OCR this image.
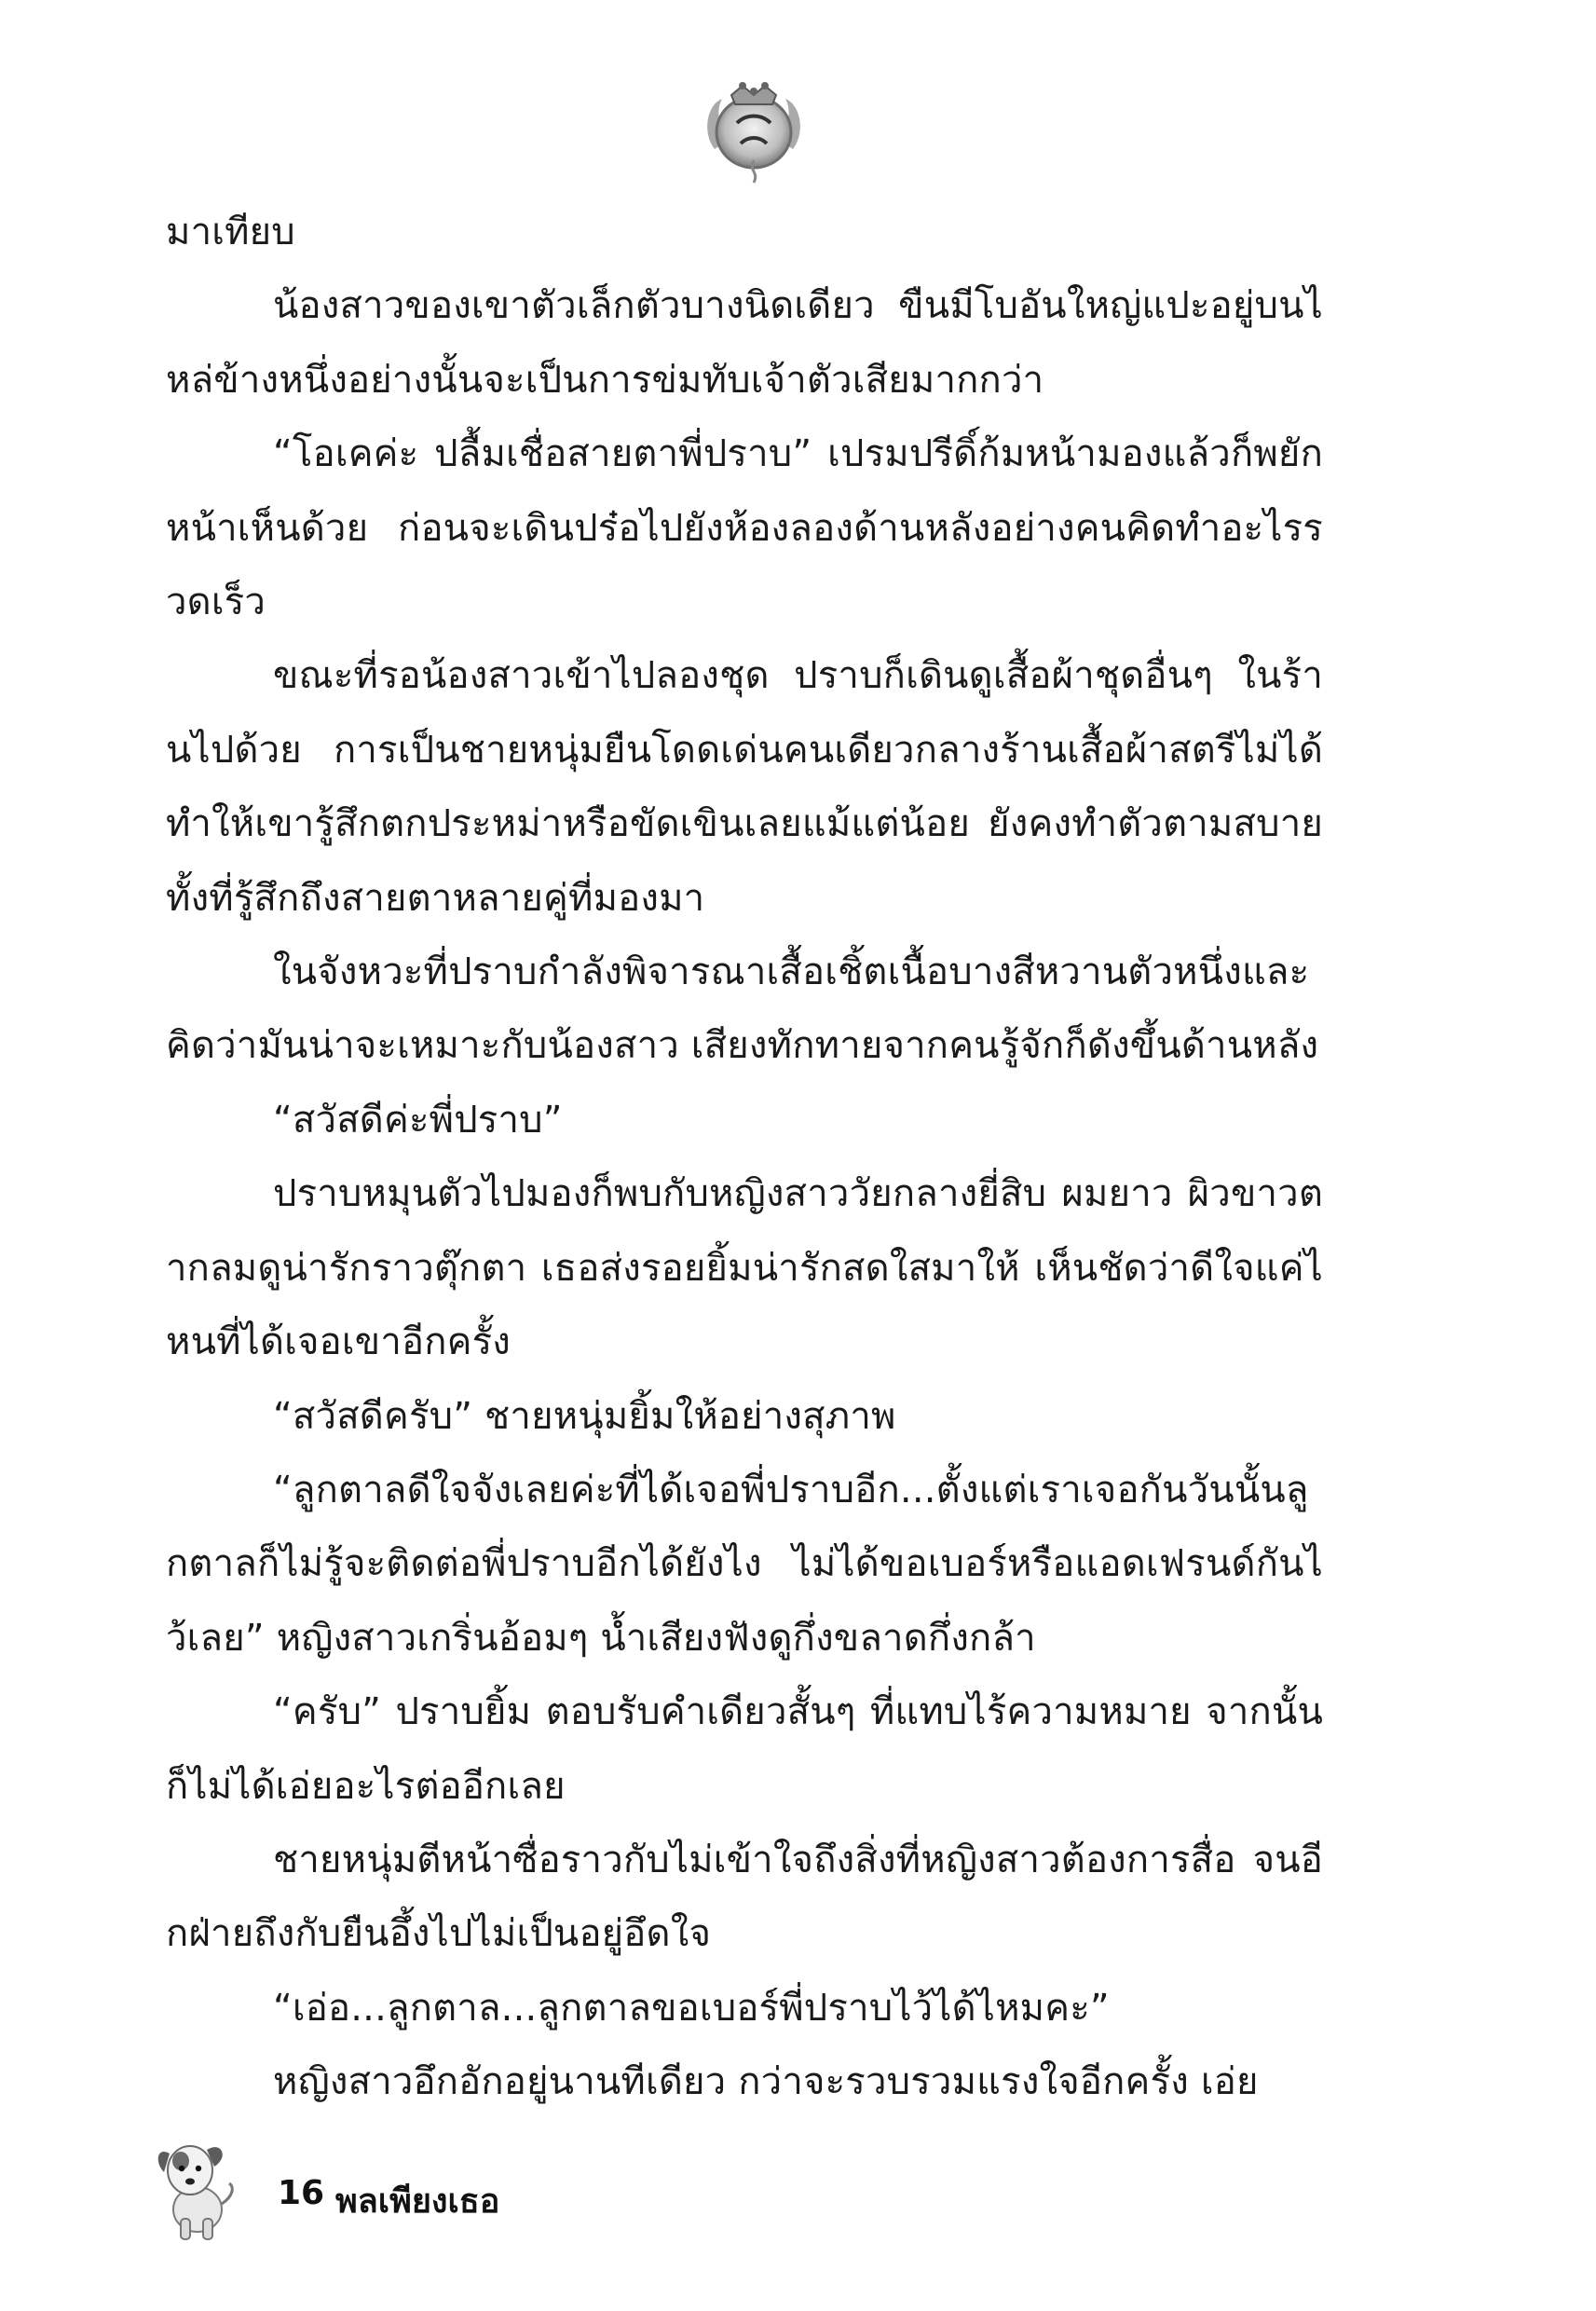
มาเทียบ

น้องสาวของเขาตัวเล็กตัวบางนิดเดียว ขืนมีโบอันใหญ่แปะอยู่บนไหล่ข้างหนึ่งอย่างนั้นจะเป็นการข่มทับเจ้าตัวเสียมากกว่า

“โอเคค่ะ ปลื้มเชื่อสายตาพี่ปราบ” เปรมปรีดิ์ก้มหน้ามองแล้วก็พยักหน้าเห็นด้วย ก่อนจะเดินปร๋อไปยังห้องลองด้านหลังอย่างคนคิดทำอะไรรวดเร็ว

ขณะที่รอน้องสาวเข้าไปลองชุด ปราบก็เดินดูเสื้อผ้าชุดอื่นๆ ในร้านไปด้วย การเป็นชายหนุ่มยืนโดดเด่นคนเดียวกลางร้านเสื้อผ้าสตรีไม่ได้ทำให้เขารู้สึกตกประหม่าหรือขัดเขินเลยแม้แต่น้อย ยังคงทำตัวตามสบายทั้งที่รู้สึกถึงสายตาหลายคู่ที่มองมา

ในจังหวะที่ปราบกำลังพิจารณาเสื้อเชิ้ตเนื้อบางสีหวานตัวหนึ่งและคิดว่ามันน่าจะเหมาะกับน้องสาว เสียงทักทายจากคนรู้จักก็ดังขึ้นด้านหลัง

“สวัสดีค่ะพี่ปราบ”

ปราบหมุนตัวไปมองก็พบกับหญิงสาววัยกลางยี่สิบ ผมยาว ผิวขาวตากลมดูน่ารักราวตุ๊กตา เธอส่งรอยยิ้มน่ารักสดใสมาให้ เห็นชัดว่าดีใจแค่ไหนที่ได้เจอเขาอีกครั้ง

“สวัสดีครับ” ชายหนุ่มยิ้มให้อย่างสุภาพ

“ลูกตาลดีใจจังเลยค่ะที่ได้เจอพี่ปราบอีก...ตั้งแต่เราเจอกันวันนั้นลูกตาลก็ไม่รู้จะติดต่อพี่ปราบอีกได้ยังไง ไม่ได้ขอเบอร์หรือแอดเฟรนด์กันไว้เลย” หญิงสาวเกริ่นอ้อมๆ น้ำเสียงฟังดูกึ่งขลาดกึ่งกล้า

“ครับ” ปราบยิ้ม ตอบรับคำเดียวสั้นๆ ที่แทบไร้ความหมาย จากนั้นก็ไม่ได้เอ่ยอะไรต่ออีกเลย

ชายหนุ่มตีหน้าซื่อราวกับไม่เข้าใจถึงสิ่งที่หญิงสาวต้องการสื่อ จนอีกฝ่ายถึงกับยืนอึ้งไปไม่เป็นอยู่อึดใจ

“เอ่อ...ลูกตาล...ลูกตาลขอเบอร์พี่ปราบไว้ได้ไหมคะ”

หญิงสาวอึกอักอยู่นานทีเดียว กว่าจะรวบรวมแรงใจอีกครั้ง เอ่ย

16 พลเพียงเธอ
